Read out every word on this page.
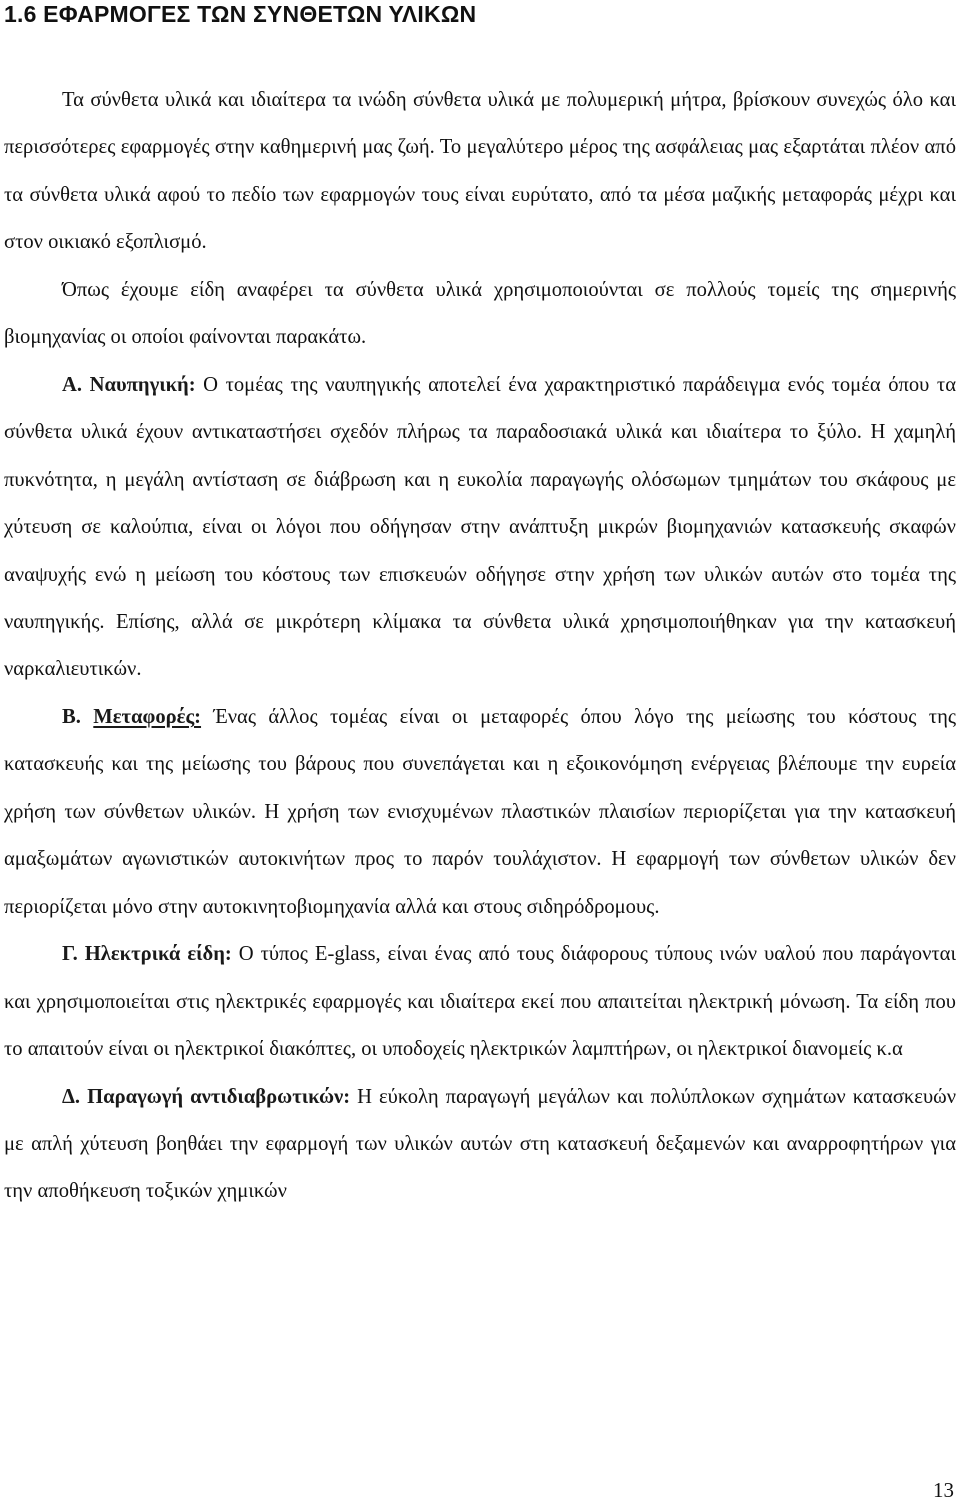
1.6 ΕΦΑΡΜΟΓΕΣ ΤΩΝ ΣΥΝΘΕΤΩΝ ΥΛΙΚΩΝ

Τα σύνθετα υλικά και ιδιαίτερα τα ινώδη σύνθετα υλικά με πολυμερική μήτρα, βρίσκουν συνεχώς όλο και περισσότερες εφαρμογές στην καθημερινή μας ζωή. Το μεγαλύτερο μέρος της ασφάλειας μας εξαρτάται πλέον από τα σύνθετα υλικά αφού το πεδίο των εφαρμογών τους είναι ευρύτατο, από τα μέσα μαζικής μεταφοράς μέχρι και στον οικιακό εξοπλισμό.

Όπως έχουμε είδη αναφέρει τα σύνθετα υλικά χρησιμοποιούνται σε πολλούς τομείς της σημερινής βιομηχανίας οι οποίοι φαίνονται παρακάτω.

Α. Ναυπηγική: Ο τομέας της ναυπηγικής αποτελεί ένα χαρακτηριστικό παράδειγμα ενός τομέα όπου τα σύνθετα υλικά έχουν αντικαταστήσει σχεδόν πλήρως τα παραδοσιακά υλικά και ιδιαίτερα το ξύλο. Η χαμηλή πυκνότητα, η μεγάλη αντίσταση σε διάβρωση και η ευκολία παραγωγής ολόσωμων τμημάτων του σκάφους με χύτευση σε καλούπια, είναι οι λόγοι που οδήγησαν στην ανάπτυξη μικρών βιομηχανιών κατασκευής σκαφών αναψυχής ενώ η μείωση του κόστους των επισκευών οδήγησε στην χρήση των υλικών αυτών στο τομέα της ναυπηγικής. Επίσης, αλλά σε μικρότερη κλίμακα τα σύνθετα υλικά χρησιμοποιήθηκαν για την κατασκευή ναρκαλιευτικών.

Β. Μεταφορές: Ένας άλλος τομέας είναι οι μεταφορές όπου λόγο της μείωσης του κόστους της κατασκευής και της μείωσης του βάρους που συνεπάγεται και η εξοικονόμηση ενέργειας βλέπουμε την ευρεία χρήση των σύνθετων υλικών. Η χρήση των ενισχυμένων πλαστικών πλαισίων περιορίζεται για την κατασκευή αμαξωμάτων αγωνιστικών αυτοκινήτων προς το παρόν τουλάχιστον. Η εφαρμογή των σύνθετων υλικών δεν περιορίζεται μόνο στην αυτοκινητοβιομηχανία αλλά και στους σιδηρόδρομους.

Γ. Ηλεκτρικά είδη: Ο τύπος E-glass, είναι ένας από τους διάφορους τύπους ινών υαλού που παράγονται και χρησιμοποιείται στις ηλεκτρικές εφαρμογές και ιδιαίτερα εκεί που απαιτείται ηλεκτρική μόνωση. Τα είδη που το απαιτούν είναι οι ηλεκτρικοί διακόπτες, οι υποδοχείς ηλεκτρικών λαμπτήρων, οι ηλεκτρικοί διανομείς κ.α

Δ. Παραγωγή αντιδιαβρωτικών: Η εύκολη παραγωγή μεγάλων και πολύπλοκων σχημάτων κατασκευών με απλή χύτευση βοηθάει την εφαρμογή των υλικών αυτών στη κατασκευή δεξαμενών και αναρροφητήρων για την αποθήκευση τοξικών χημικών

13
